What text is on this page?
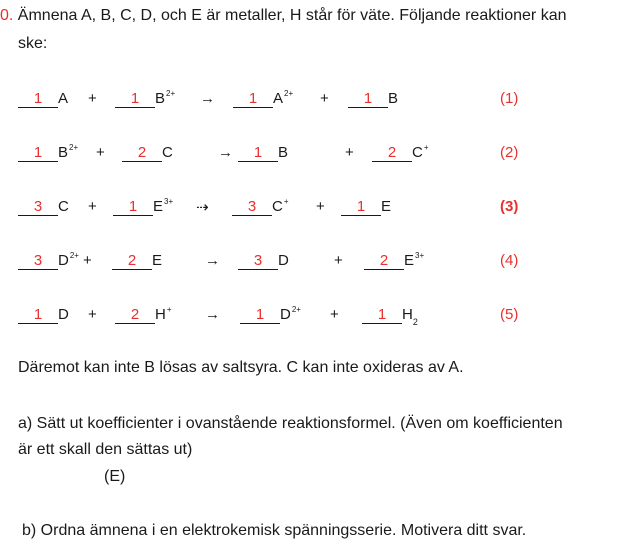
0. Ämnena A, B, C, D, och E är metaller, H står för väte. Följande reaktioner kan
ske:
1 A +	1 $B^{2+}$ →	1 $A^{2+}$ +	1 B	(1)
1 $B^{2+}$ +	2 C	→	1 B	+	2 C+	(2)
3 C +	1 $E^{3+}$ ⇢	3 C+ +	1 E	(3)
3 $D^{2+}$ +	2 E	→	3 D	+	2 $E^{3+}$	(4)
1 D +	2 H+ →	1 $D^{2+}$ +	1 $H_2$	(5)
Däremot kan inte B lösas av saltsyra. C kan inte oxideras av A.
a) Sätt ut koefficienter i ovanstående reaktionsformel. (Även om koefficienten
är ett skall den sättas ut)
(E)
b) Ordna ämnena i en elektrokemisk spänningsserie. Motivera ditt svar.
